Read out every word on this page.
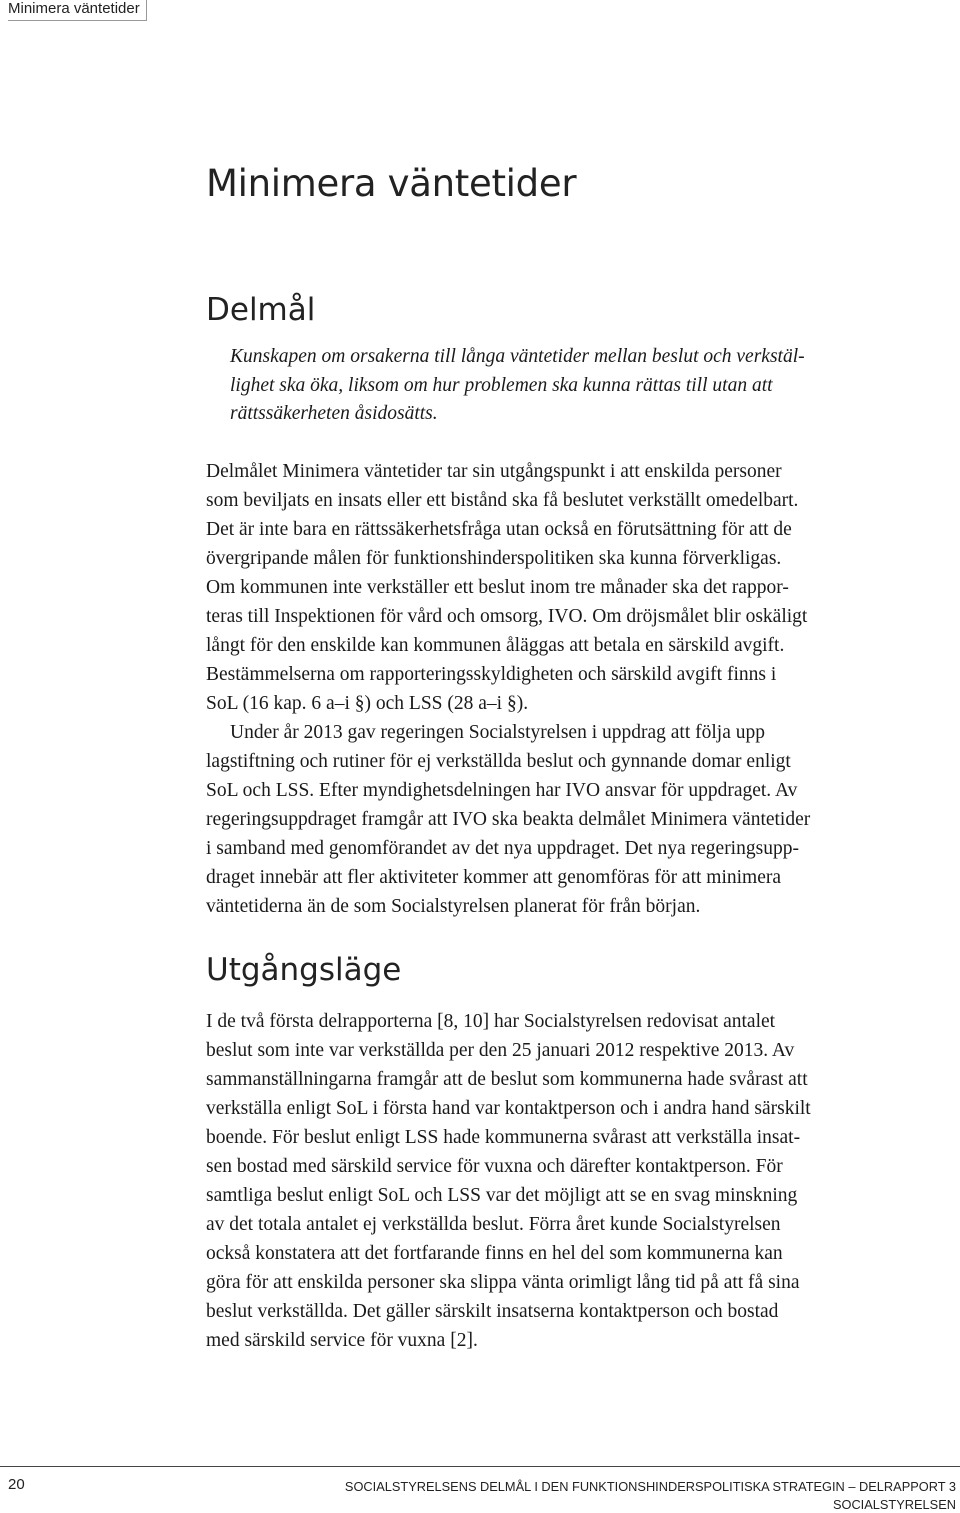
Minimera väntetider
Minimera väntetider
Delmål

Kunskapen om orsakerna till långa väntetider mellan beslut och verkstäl-
lighet ska öka, liksom om hur problemen ska kunna rättas till utan att
rättssäkerheten åsidosätts.

Delmålet Minimera väntetider tar sin utgångspunkt i att enskilda personer
som beviljats en insats eller ett bistånd ska få beslutet verkställt omedelbart.
Det är inte bara en rättssäkerhetsfråga utan också en förutsättning för att de
övergripande målen för funktionshinderspolitiken ska kunna förverkligas.
Om kommunen inte verkställer ett beslut inom tre månader ska det rappor-
teras till Inspektionen för vård och omsorg, IVO. Om dröjsmålet blir oskäligt
långt för den enskilde kan kommunen åläggas att betala en särskild avgift.
Bestämmelserna om rapporteringsskyldigheten och särskild avgift finns i
SoL (16 kap. 6 a–i §) och LSS (28 a–i §).

Under år 2013 gav regeringen Socialstyrelsen i uppdrag att följa upp
lagstiftning och rutiner för ej verkställda beslut och gynnande domar enligt
SoL och LSS. Efter myndighetsdelningen har IVO ansvar för uppdraget. Av
regeringsuppdraget framgår att IVO ska beakta delmålet Minimera väntetider
i samband med genomförandet av det nya uppdraget. Det nya regeringsupp-
draget innebär att fler aktiviteter kommer att genomföras för att minimera
väntetiderna än de som Socialstyrelsen planerat för från början.

Utgångsläge

I de två första delrapporterna [8, 10] har Socialstyrelsen redovisat antalet
beslut som inte var verkställda per den 25 januari 2012 respektive 2013. Av
sammanställningarna framgår att de beslut som kommunerna hade svårast att
verkställa enligt SoL i första hand var kontaktperson och i andra hand särskilt
boende. För beslut enligt LSS hade kommunerna svårast att verkställa insat-
sen bostad med särskild service för vuxna och därefter kontaktperson. För
samtliga beslut enligt SoL och LSS var det möjligt att se en svag minskning
av det totala antalet ej verkställda beslut. Förra året kunde Socialstyrelsen
också konstatera att det fortfarande finns en hel del som kommunerna kan
göra för att enskilda personer ska slippa vänta orimligt lång tid på att få sina
beslut verkställda. Det gäller särskilt insatserna kontaktperson och bostad
med särskild service för vuxna [2].

20	SOCIALSTYRELSENS DELMÅL I DEN FUNKTIONSHINDERSPOLITISKA STRATEGIN – DELRAPPORT 3
SOCIALSTYRELSEN
